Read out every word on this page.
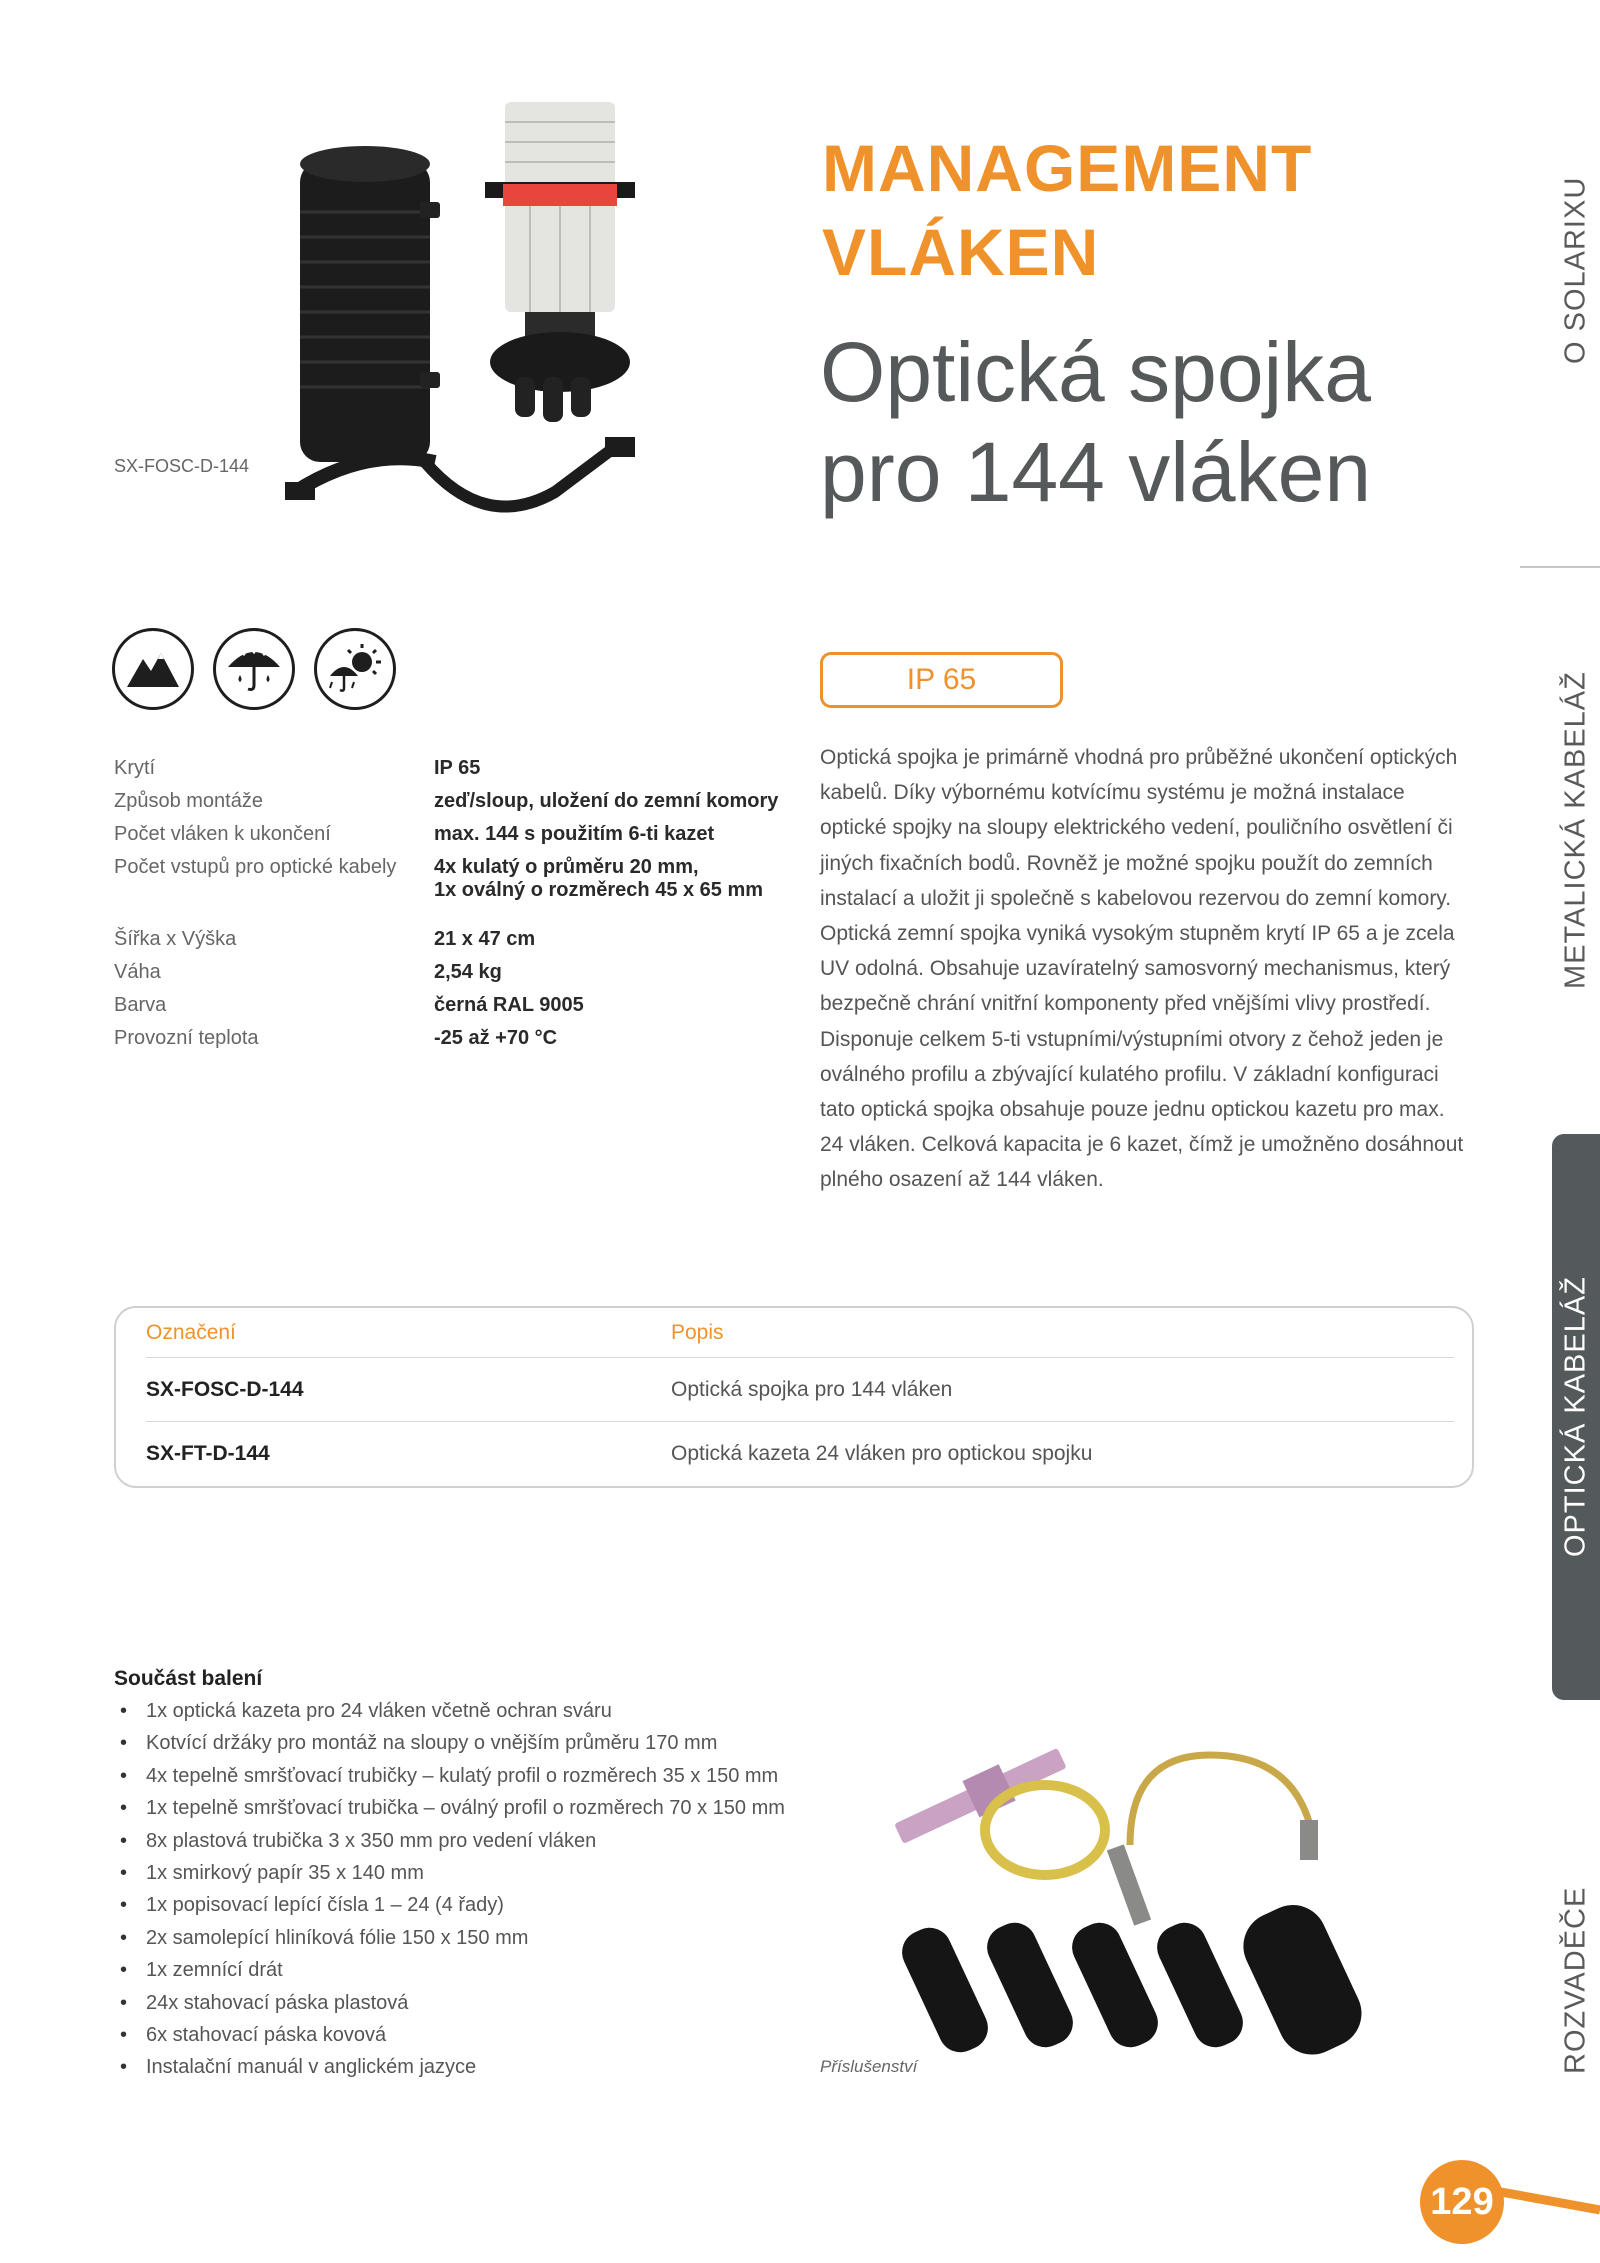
SX-FOSC-D-144
MANAGEMENT
VLÁKEN
Optická spojka
pro 144 vláken
IP 65
Krytí	IP 65
Způsob montáže	zeď/sloup, uložení do zemní komory
Počet vláken k ukončení	max. 144 s použitím 6-ti kazet
Počet vstupů pro optické kabely	4x kulatý o průměru 20 mm,
1x oválný o rozměrech 45 x 65 mm
Šířka x Výška	21 x 47 cm
Váha	2,54 kg
Barva	černá RAL 9005
Provozní teplota	-25 až +70 °C
Optická spojka je primárně vhodná pro průběžné ukončení optických kabelů. Díky výbornému kotvícímu systému je možná instalace optické spojky na sloupy elektrického vedení, pouličního osvětlení či jiných fixačních bodů. Rovněž je možné spojku použít do zemních instalací a uložit ji společně s kabelovou rezervou do zemní komory. Optická zemní spojka vyniká vysokým stupněm krytí IP 65 a je zcela UV odolná. Obsahuje uzavíratelný samosvorný mechanismus, který bezpečně chrání vnitřní komponenty před vnějšími vlivy prostředí. Disponuje celkem 5-ti vstupními/výstupními otvory z čehož jeden je oválného profilu a zbývající kulatého profilu. V základní konfiguraci tato optická spojka obsahuje pouze jednu optickou kazetu pro max. 24 vláken. Celková kapacita je 6 kazet, čímž je umožněno dosáhnout plného osazení až 144 vláken.
Označení	Popis
SX-FOSC-D-144	Optická spojka pro 144 vláken
SX-FT-D-144	Optická kazeta 24 vláken pro optickou spojku
Součást balení
• 1x optická kazeta pro 24 vláken včetně ochran sváru
• Kotvící držáky pro montáž na sloupy o vnějším průměru 170 mm
• 4x tepelně smršťovací trubičky – kulatý profil o rozměrech 35 x 150 mm
• 1x tepelně smršťovací trubička – oválný profil o rozměrech 70 x 150 mm
• 8x plastová trubička 3 x 350 mm pro vedení vláken
• 1x smirkový papír 35 x 140 mm
• 1x popisovací lepící čísla 1 – 24 (4 řady)
• 2x samolepící hliníková fólie 150 x 150 mm
• 1x zemnící drát
• 24x stahovací páska plastová
• 6x stahovací páska kovová
• Instalační manuál v anglickém jazyce	Příslušenství
O SOLARIXU
METALICKÁ KABELÁŽ
OPTICKÁ KABELÁŽ
ROZVADĚČE
129
